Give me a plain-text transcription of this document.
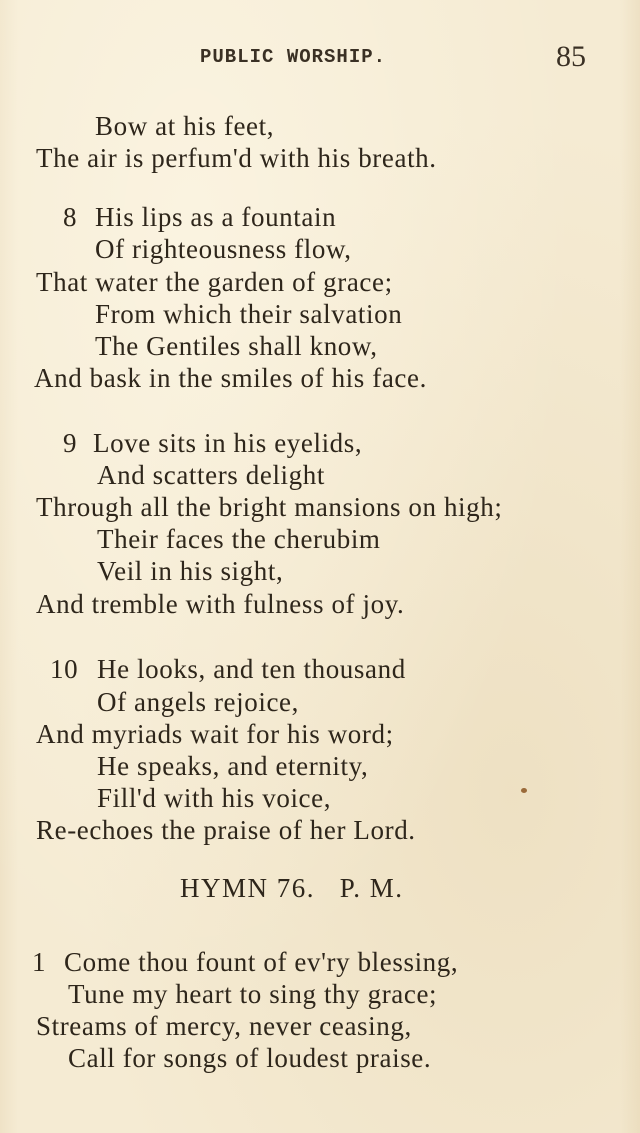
PUBLIC WORSHIP.	85
Bow at his feet,
The air is perfum'd with his breath.
8 His lips as a fountain
Of righteousness flow,
That water the garden of grace;
From which their salvation
The Gentiles shall know,
And bask in the smiles of his face.
9 Love sits in his eyelids,
And scatters delight
Through all the bright mansions on high;
Their faces the cherubim
Veil in his sight,
And tremble with fulness of joy.
10 He looks, and ten thousand
Of angels rejoice,
And myriads wait for his word;
He speaks, and eternity,
Fill'd with his voice,
Re-echoes the praise of her Lord.
HYMN 76.   P. M.
1 Come thou fount of ev'ry blessing,
Tune my heart to sing thy grace;
Streams of mercy, never ceasing,
Call for songs of loudest praise.
